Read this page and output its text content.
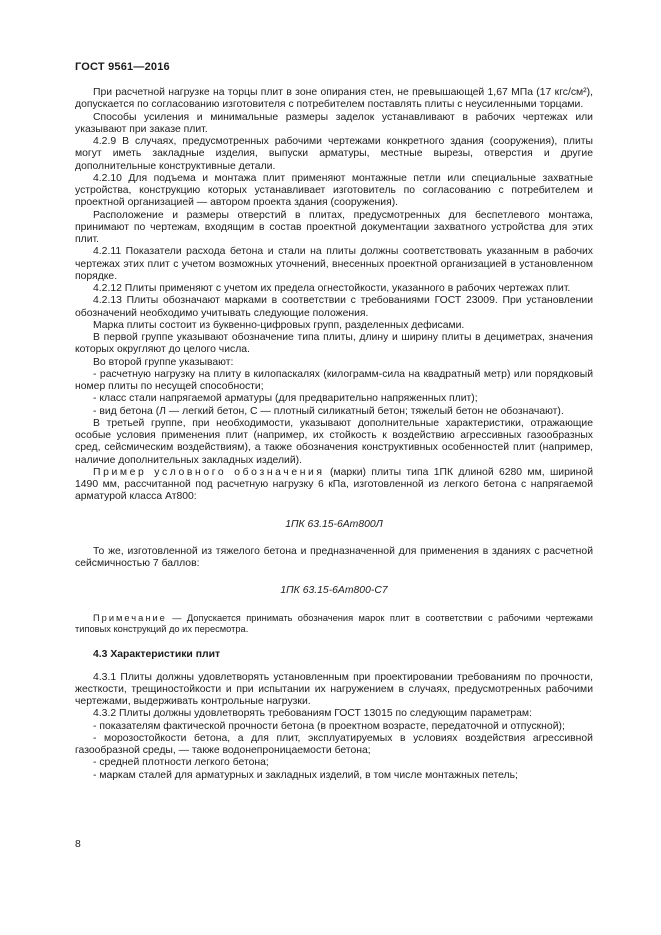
ГОСТ 9561—2016

При расчетной нагрузке на торцы плит в зоне опирания стен, не превышающей 1,67 МПа (17 кгс/см²), допускается по согласованию изготовителя с потребителем поставлять плиты с неусиленными торцами.

Способы усиления и минимальные размеры заделок устанавливают в рабочих чертежах или указывают при заказе плит.

4.2.9 В случаях, предусмотренных рабочими чертежами конкретного здания (сооружения), плиты могут иметь закладные изделия, выпуски арматуры, местные вырезы, отверстия и другие дополнительные конструктивные детали.

4.2.10 Для подъема и монтажа плит применяют монтажные петли или специальные захватные устройства, конструкцию которых устанавливает изготовитель по согласованию с потребителем и проектной организацией — автором проекта здания (сооружения).

Расположение и размеры отверстий в плитах, предусмотренных для беспетлевого монтажа, принимают по чертежам, входящим в состав проектной документации захватного устройства для этих плит.

4.2.11 Показатели расхода бетона и стали на плиты должны соответствовать указанным в рабочих чертежах этих плит с учетом возможных уточнений, внесенных проектной организацией в установленном порядке.

4.2.12 Плиты применяют с учетом их предела огнестойкости, указанного в рабочих чертежах плит.

4.2.13 Плиты обозначают марками в соответствии с требованиями ГОСТ 23009. При установлении обозначений необходимо учитывать следующие положения.

Марка плиты состоит из буквенно-цифровых групп, разделенных дефисами.

В первой группе указывают обозначение типа плиты, длину и ширину плиты в дециметрах, значения которых округляют до целого числа.

Во второй группе указывают:

- расчетную нагрузку на плиту в килопаскалях (килограмм-сила на квадратный метр) или порядковый номер плиты по несущей способности;

- класс стали напрягаемой арматуры (для предварительно напряженных плит);

- вид бетона (Л — легкий бетон, С — плотный силикатный бетон; тяжелый бетон не обозначают).

В третьей группе, при необходимости, указывают дополнительные характеристики, отражающие особые условия применения плит (например, их стойкость к воздействию агрессивных газообразных сред, сейсмическим воздействиям), а также обозначения конструктивных особенностей плит (например, наличие дополнительных закладных изделий).

Пример условного обозначения (марки) плиты типа 1ПК длиной 6280 мм, шириной 1490 мм, рассчитанной под расчетную нагрузку 6 кПа, изготовленной из легкого бетона с напрягаемой арматурой класса Ат800:

1ПК 63.15-6Ат800Л

То же, изготовленной из тяжелого бетона и предназначенной для применения в зданиях с расчетной сейсмичностью 7 баллов:

1ПК 63.15-6Ат800-С7

Примечание — Допускается принимать обозначения марок плит в соответствии с рабочими чертежами типовых конструкций до их пересмотра.

4.3 Характеристики плит

4.3.1 Плиты должны удовлетворять установленным при проектировании требованиям по прочности, жесткости, трещиностойкости и при испытании их нагружением в случаях, предусмотренных рабочими чертежами, выдерживать контрольные нагрузки.

4.3.2 Плиты должны удовлетворять требованиям ГОСТ 13015 по следующим параметрам:

- показателям фактической прочности бетона (в проектном возрасте, передаточной и отпускной);

- морозостойкости бетона, а для плит, эксплуатируемых в условиях воздействия агрессивной газообразной среды, — также водонепроницаемости бетона;

- средней плотности легкого бетона;

- маркам сталей для арматурных и закладных изделий, в том числе монтажных петель;

8
